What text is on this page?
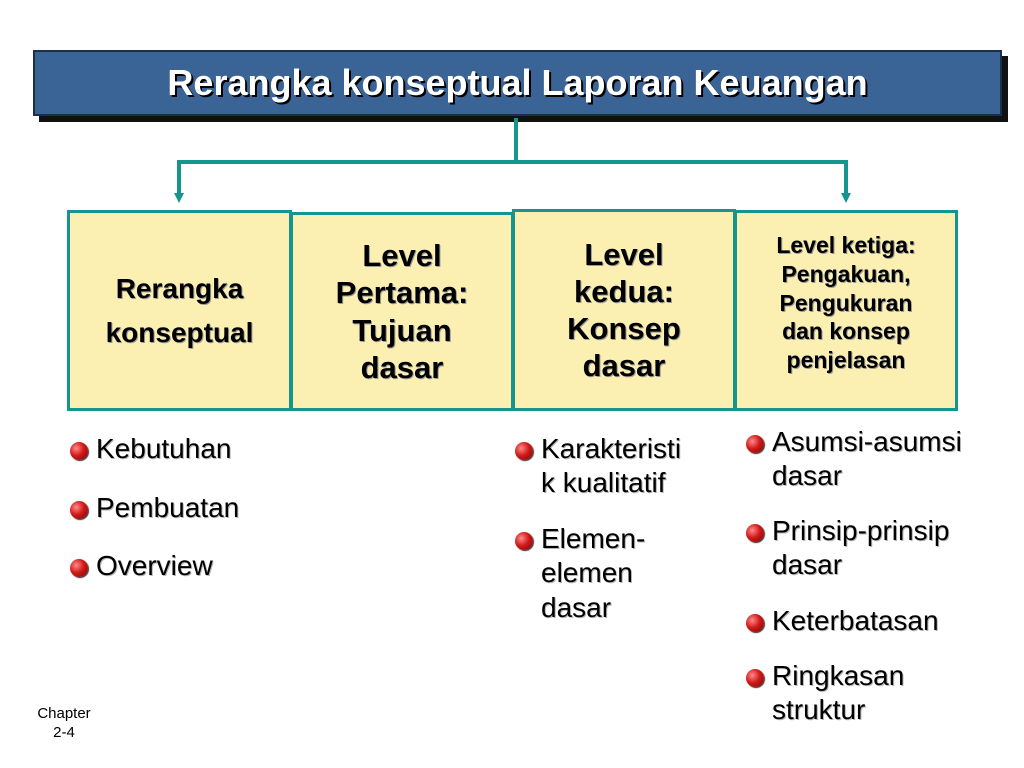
Rerangka konseptual Laporan Keuangan
Rerangka
konseptual
Level
Pertama:
Tujuan
dasar
Level
kedua:
Konsep
dasar
Level ketiga:
Pengakuan,
Pengukuran
dan konsep
penjelasan
Kebutuhan
Pembuatan
Overview
Karakteristi
k kualitatif
Elemen-
elemen
dasar
Asumsi-asumsi
dasar
Prinsip-prinsip
dasar
Keterbatasan
Ringkasan
struktur
Chapter
2-4
